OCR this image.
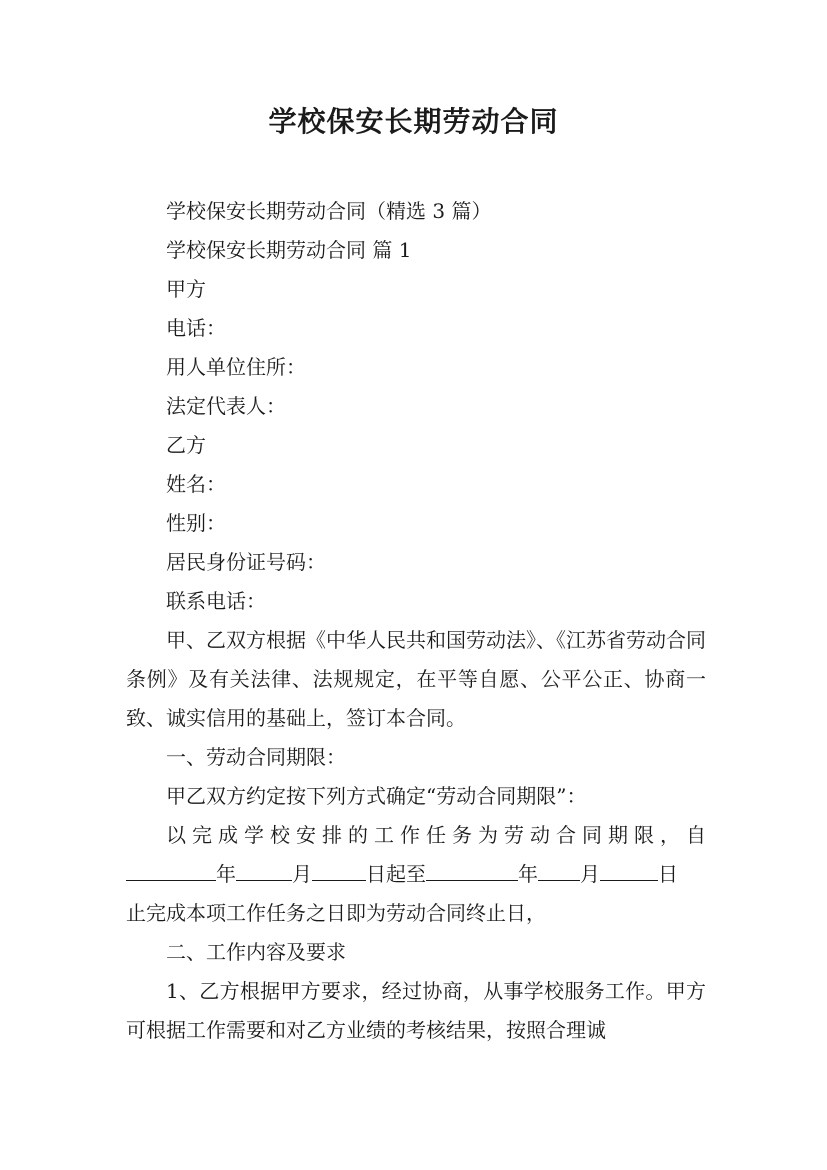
学校保安长期劳动合同

学校保安长期劳动合同（精选 3 篇）

学校保安长期劳动合同 篇 1

甲方

电话：

用人单位住所：

法定代表人：

乙方

姓名：

性别：

居民身份证号码：

联系电话：

甲、乙双方根据《中华人民共和国劳动法》、《江苏省劳动合同条例》及有关法律、法规规定，在平等自愿、公平公正、协商一致、诚实信用的基础上，签订本合同。

一、劳动合同期限：

甲乙双方约定按下列方式确定“劳动合同期限”：

以完成学校安排的工作任务为劳动合同期限，自

年	月	日起至	年 月	日

止完成本项工作任务之日即为劳动合同终止日，

二、工作内容及要求

1、乙方根据甲方要求，经过协商，从事学校服务工作。甲方可根据工作需要和对乙方业绩的考核结果，按照合理诚
